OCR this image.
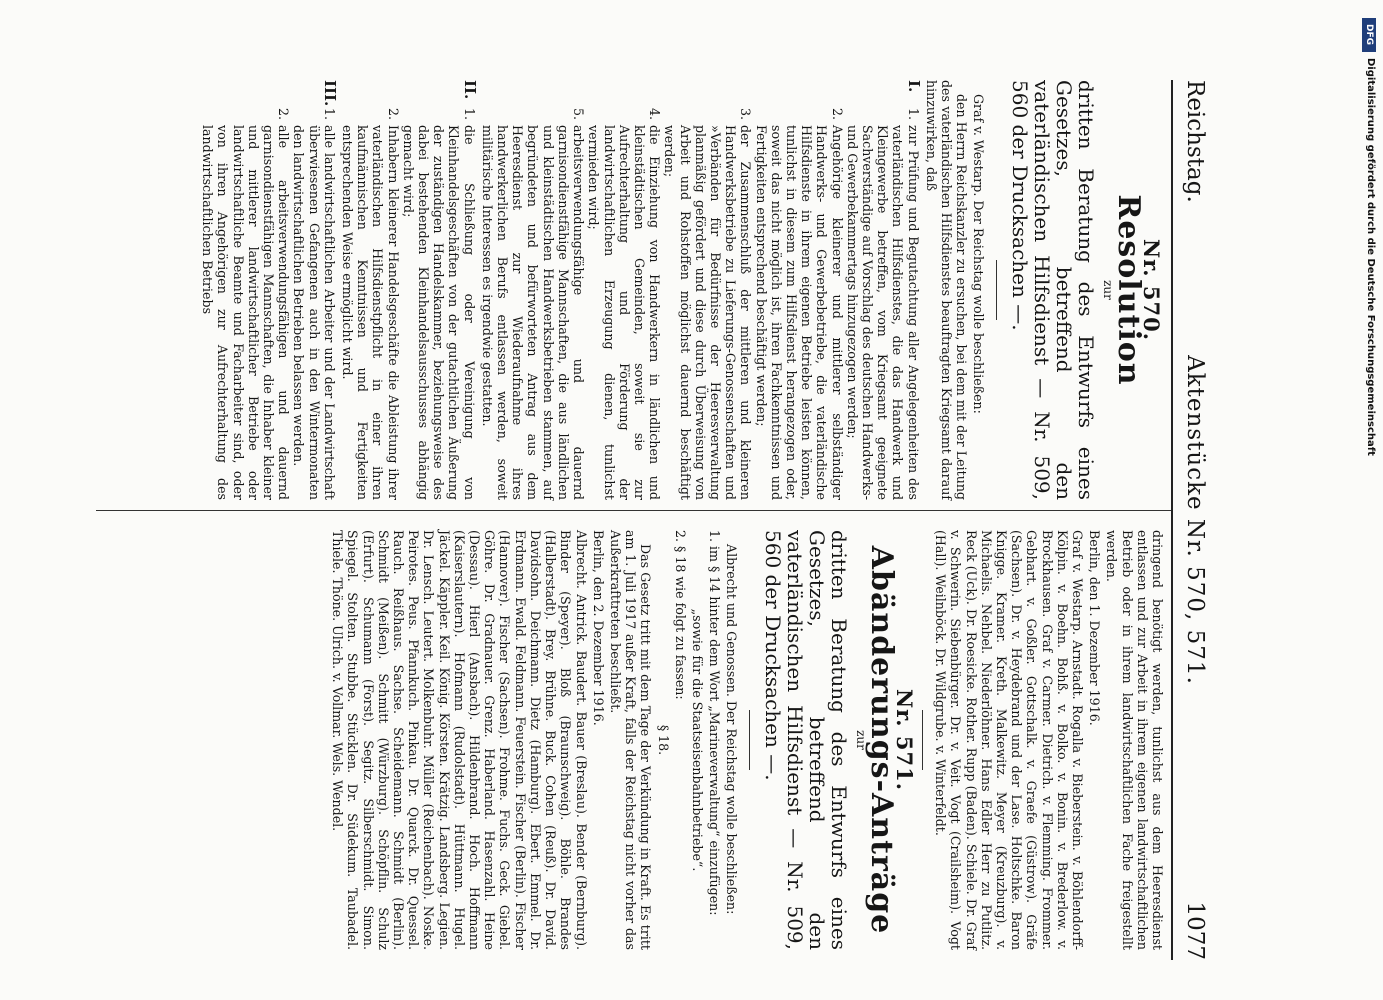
Reichstag.
Aktenstücke Nr. 570, 571.
1077
Nr. 570.
Resolution
zur
dritten Beratung des Entwurfs eines Gesetzes, betreffend den vaterländischen Hilfsdienst — Nr. 509, 560 der Drucksachen —.

Graf v. Westarp. Der Reichstag wolle beschließen:

den Herrn Reichskanzler zu ersuchen, bei dem mit der Leitung des vaterländischen Hilfsdienstes beauftragten Kriegsamt darauf hinzuwirken, daß

I.
1.
zur Prüfung und Begutachtung aller Angelegenheiten des vaterländischen Hilfsdienstes, die das Handwerk und Kleingewerbe betreffen, vom Kriegsamt geeignete Sachverständige auf Vorschlag des deutschen Handwerks- und Gewerbekammertags hinzugezogen werden;
2.
Angehörige kleinerer und mittlerer selbständiger Handwerks- und Gewerbebetriebe, die vaterländische Hilfsdienste in ihrem eigenen Betriebe leisten können, tunlichst in diesem zum Hilfsdienst herangezogen oder, soweit das nicht möglich ist, ihren Fachkenntnissen und Fertigkeiten entsprechend beschäftigt werden;
3.
der Zusammenschluß der mittleren und kleineren Handwerksbetriebe zu Lieferungs-Genossenschaften und »Verbänden für Bedürfnisse der Heeresverwaltung planmäßig gefördert und diese durch Überweisung von Arbeit und Rohstoffen möglichst dauernd beschäftigt werden;
4.
die Einziehung von Handwerkern in ländlichen und kleinstädtischen Gemeinden, soweit sie zur Aufrechterhaltung und Förderung der landwirtschaftlichen Erzeugung dienen, tunlichst vermieden wird;
5.
arbeitsverwendungsfähige und dauernd garnisondienstfähige Mannschaften, die aus ländlichen und kleinstädtischen Handwerksbetrieben stammen, auf begründeten und befürworteten Antrag aus dem Heeresdienst zur Wiederaufnahme ihres handwerkerlichen Berufs entlassen werden, soweit militärische Interessen es irgendwie gestatten.
II.
1.
die Schließung oder Vereinigung von Kleinhandelsgeschäften von der gutachtlichen Äußerung der zuständigen Handelskammer, beziehungsweise des dabei bestehenden Kleinhandelsausschusses abhängig gemacht wird;
2.
Inhabern kleinerer Handelsgeschäfte die Ableistung ihrer vaterländischen Hilfsdienstpflicht in einer ihren kaufmännischen Kenntnissen und Fertigkeiten entsprechenden Weise ermöglicht wird.
III.
1.
alle landwirtschaftlichen Arbeiter und der Landwirtschaft überwiesenen Gefangenen auch in den Wintermonaten den landwirtschaftlichen Betrieben belassen werden.
2.
alle arbeitsverwendungsfähigen und dauernd garnisondienstfähigen Mannschaften, die Inhaber kleiner und mittlerer landwirtschaftlicher Betriebe oder landwirtschaftliche Beamte und Facharbeiter sind, oder von ihren Angehörigen zur Aufrechterhaltung des landwirtschaftlichen Betriebs

dringend benötigt werden, tunlichst aus dem Heeresdienst entlassen und zur Arbeit in ihrem eigenen landwirtschaftlichen Betrieb oder in ihrem landwirtschaftlichen Fache freigestellt werden.

Berlin, den 1. Dezember 1916.

Graf v. Westarp. Arnstadt. Rogalla v. Bieberstein. v. Böhlendorff-Kölpin. v. Boehn. Bohß. v. Bolko. v. Bonin. v. Brederlow. v. Brockhausen. Graf v. Carmer. Dietrich. v. Flemming. Frommer. Gebhart. v. Goßler. Gottschalk. v. Graefe (Güstrow). Gräfe (Sachsen). Dr. v. Heydebrand und der Lase. Holtschke. Baron Knigge. Kramer. Kreth. Malkewitz. Meyer (Kreuzburg). v. Michaelis. Nehbel. Niederlöhner. Hans Edler Herr zu Putlitz. Reck (Uck). Dr. Roesicke. Rother. Rupp (Baden). Schiele. Dr. Graf v. Schwerin. Siebenbürger. Dr. v. Veit. Vogt (Crailsheim). Vogt (Hall). Weilnböck. Dr. Wildgrube. v. Winterfeldt.

Nr. 571.
Abänderungs-Anträge
zur
dritten Beratung des Entwurfs eines Gesetzes, betreffend den vaterländischen Hilfsdienst — Nr. 509, 560 der Drucksachen —.

Albrecht und Genossen. Der Reichstag wolle beschließen:

1. im § 14 hinter dem Wort „Marineverwaltung“ einzufügen:

„sowie für die Staatseisenbahnbetriebe“.

2. § 18 wie folgt zu fassen:

§ 18.

Das Gesetz tritt mit dem Tage der Verkündung in Kraft. Es tritt am 1. Juli 1917 außer Kraft, falls der Reichstag nicht vorher das Außerkrafttreten beschließt.

Berlin, den 2. Dezember 1916.

Albrecht. Antrick. Baudert. Bauer (Breslau). Bender (Bernburg). Binder (Speyer). Bloß (Braunschweig). Böhle. Brandes (Halberstadt). Brey. Brühne. Buck. Cohen (Reuß). Dr. David. Davidsohn. Deichmann. Dietz (Hamburg). Ebert. Emmel. Dr. Erdmann. Ewald. Feldmann. Feuerstein. Fischer (Berlin). Fischer (Hannover). Fischer (Sachsen). Frohme. Fuchs. Geck. Giebel. Göhre. Dr. Gradnauer. Grenz. Haberland. Hasenzahl. Heine (Dessau). Hierl (Ansbach). Hildenbrand. Hoch. Hoffmann (Kaiserslautern). Hofmann (Rudolstadt). Hüttmann. Hugel. Jäckel. Käppler. Keil. König. Körsten. Krätzig. Landsberg. Legien. Dr. Lensch. Leutert. Molkenbuhr. Müller (Reichenbach). Noske. Peirotes. Peus. Pfannkuch. Pinkau. Dr. Quarck. Dr. Quessel. Rauch. Reißhaus. Sachse. Scheidemann. Schmidt (Berlin). Schmidt (Meißen). Schmitt (Würzburg). Schöpflin. Schulz (Erfurt). Schumann (Forst). Segitz. Silberschmidt. Simon. Spiegel. Stolten. Stubbe. Stücklen. Dr. Südekum. Taubadel. Thiele. Thöne. Ulrich. v. Vollmar. Wels. Wendel.

DFG
Digitalisierung gefördert durch die Deutsche Forschungsgemeinschaft
